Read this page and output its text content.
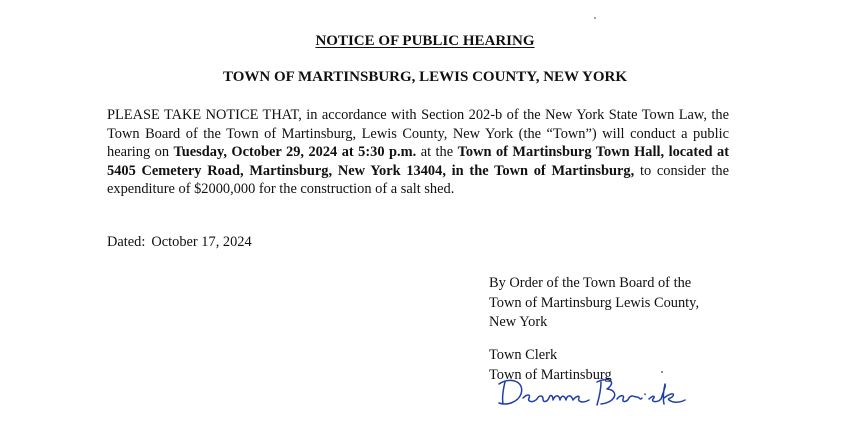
NOTICE OF PUBLIC HEARING
TOWN OF MARTINSBURG, LEWIS COUNTY, NEW YORK

PLEASE TAKE NOTICE THAT, in accordance with Section 202-b of the New York State Town Law, the Town Board of the Town of Martinsburg, Lewis County, New York (the “Town”) will conduct a public hearing on Tuesday, October 29, 2024 at 5:30 p.m. at the Town of Martinsburg Town Hall, located at 5405 Cemetery Road, Martinsburg, New York 13404, in the Town of Martinsburg, to consider the expenditure of $2000,000 for the construction of a salt shed.

Dated: October 17, 2024

By Order of the Town Board of the
Town of Martinsburg Lewis County,
New York
Town Clerk
Town of Martinsburg
